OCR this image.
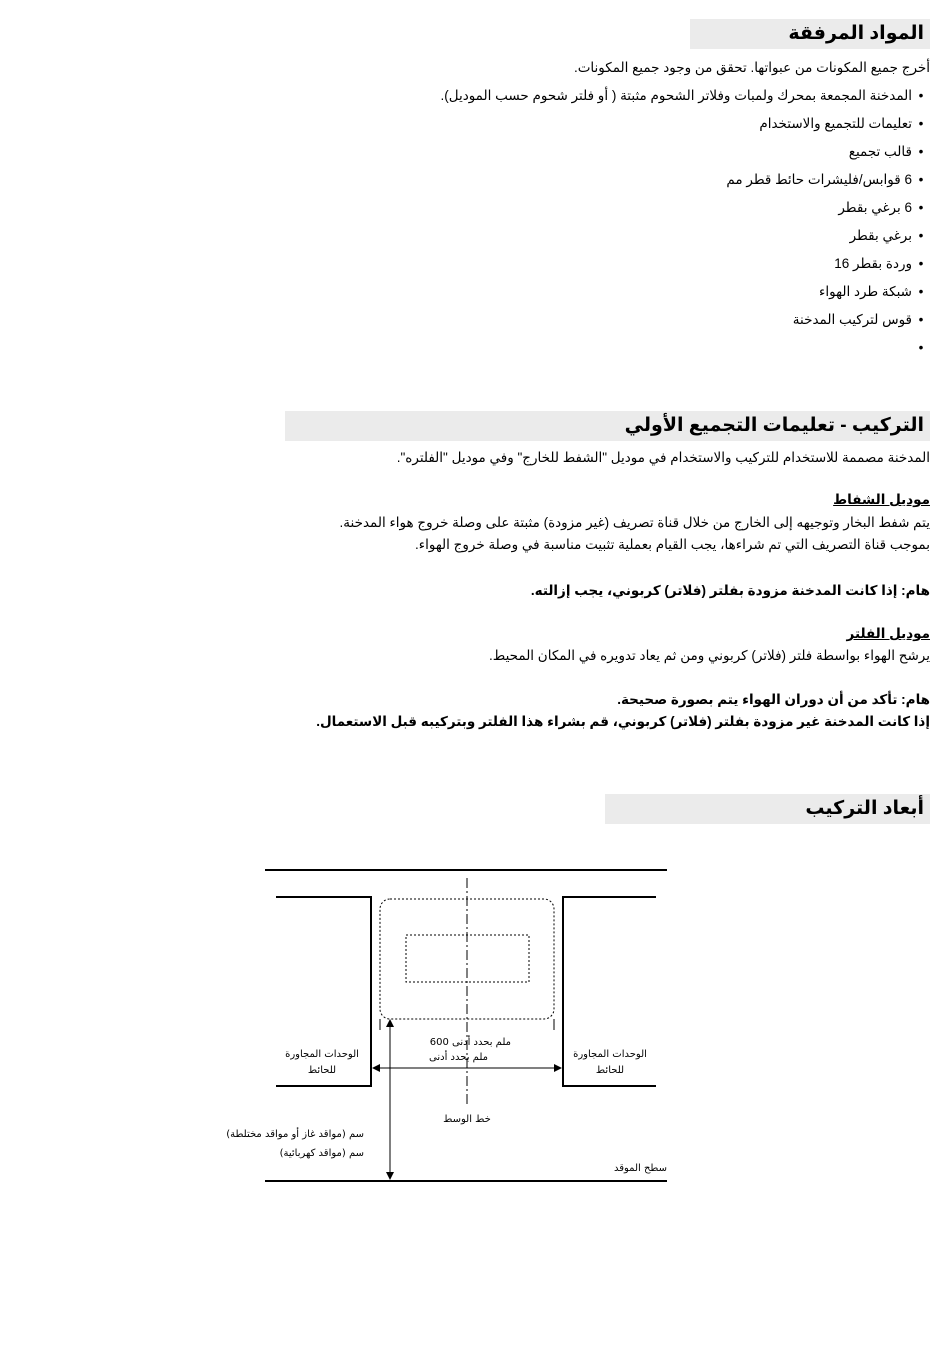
المواد المرفقة
أخرج جميع المكونات من عبواتها. تحقق من وجود جميع المكونات.
• المدخنة المجمعة بمحرك ولمبات وفلاتر الشحوم مثبتة ( أو فلتر شحوم حسب الموديل).
• تعليمات للتجميع والاستخدام
• قالب تجميع
• 6 قوابس/فليشرات حائط قطر مم
• 6 برغي بقطر
• برغي بقطر
• وردة بقطر 16
• شبكة طرد الهواء
• قوس لتركيب المدخنة
•
التركيب - تعليمات التجميع الأولي
المدخنة مصممة للاستخدام للتركيب والاستخدام في موديل "الشفط للخارج" وفي موديل "الفلتره".
موديل الشفاط
يتم شفط البخار وتوجيهه إلى الخارج من خلال قناة تصريف (غير مزودة) مثبتة على وصلة خروج هواء المدخنة.
بموجب قناة التصريف التي تم شراءها، يجب القيام بعملية تثبيت مناسبة في وصلة خروج الهواء.
هام: إذا كانت المدخنة مزودة بفلتر (فلاتر) كربوني، يجب إزالته.
موديل الفلتر
يرشح الهواء بواسطة فلتر (فلاتر) كربوني ومن ثم يعاد تدويره في المكان المحيط.
هام: تأكد من أن دوران الهواء يتم بصورة صحيحة.
إذا كانت المدخنة غير مزودة بفلتر (فلاتر) كربوني، قم بشراء هذا الفلتر وبتركيبه قبل الاستعمال.
أبعاد التركيب
الوحدات المجاورة
للحائط
الوحدات المجاورة
للحائط
600 ملم بحدد أدنى
ملم بحدد أدنى
خط الوسط
سم (مواقد غاز أو مواقد مختلطة)
سم (مواقد كهربائية)
سطح الموقد
